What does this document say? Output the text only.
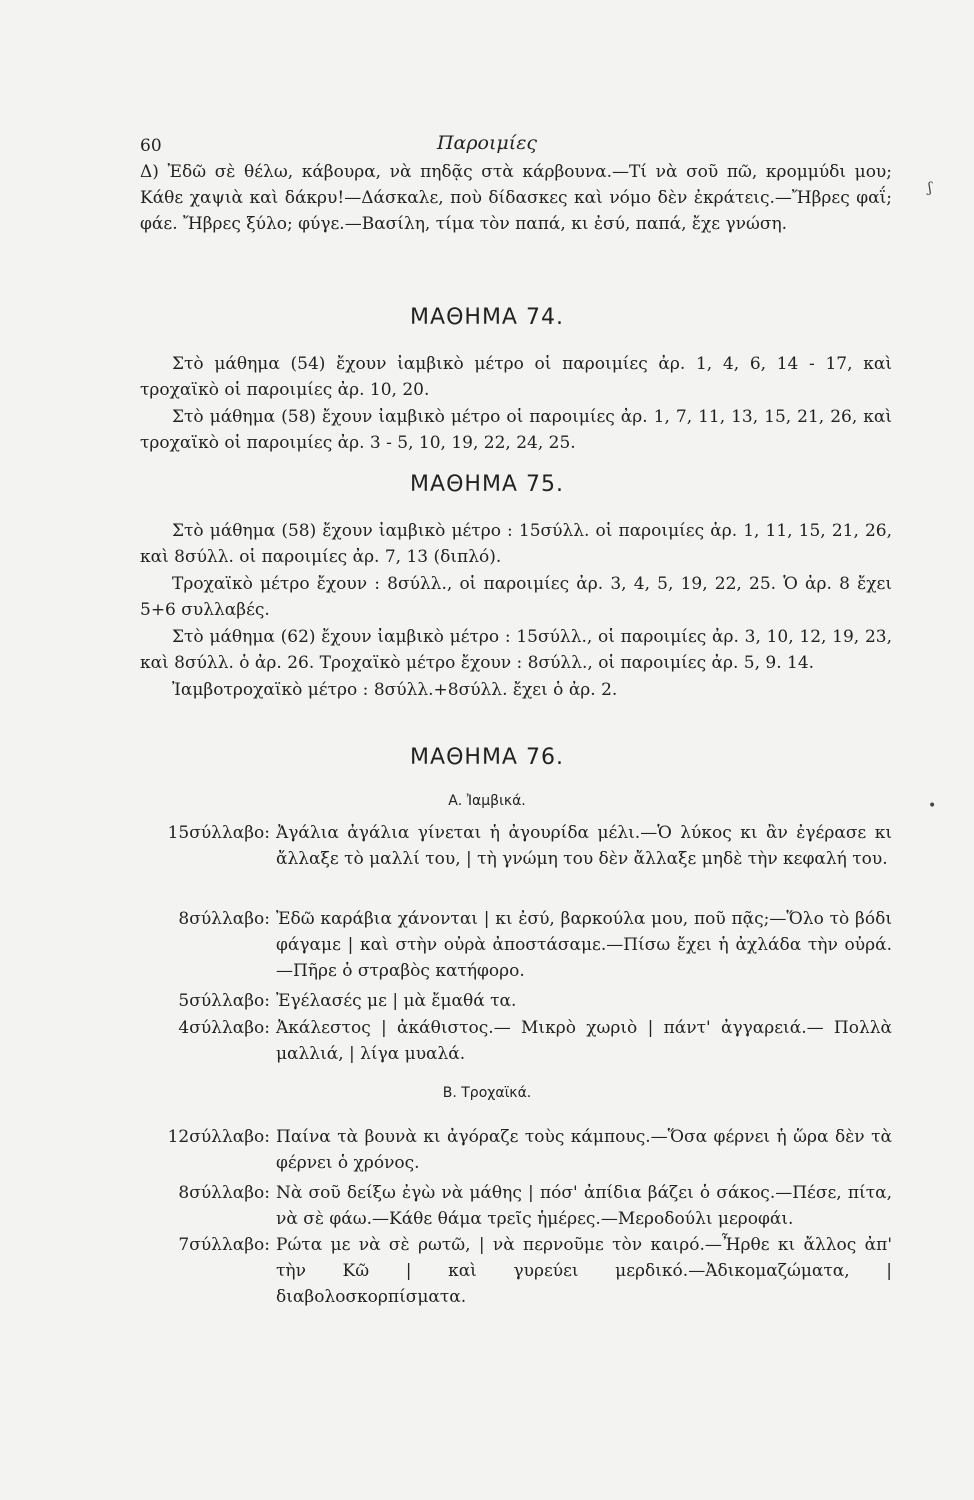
60	Παροιμίες
Δ) Ἐδῶ σὲ θέλω, κάβουρα, νὰ πηδᾷς στὰ κάρβουνα.—Τί νὰ σοῦ πῶ, κρομμύδι μου; Κάθε χαψιὰ καὶ δάκρυ!—Δάσκαλε, ποὺ δίδασκες καὶ νόμο δὲν ἐκράτεις.—Ἤβρες φαΐ; φάε. Ἤβρες ξύλο; φύγε.—Βασίλη, τίμα τὸν παπά, κι ἐσύ, παπά, ἔχε γνώση.
ΜΑΘΗΜΑ 74.
Στὸ μάθημα (54) ἔχουν ἰαμβικὸ μέτρο οἱ παροιμίες ἀρ. 1, 4, 6, 14 - 17, καὶ τροχαϊκὸ οἱ παροιμίες ἀρ. 10, 20.
Στὸ μάθημα (58) ἔχουν ἰαμβικὸ μέτρο οἱ παροιμίες ἀρ. 1, 7, 11, 13, 15, 21, 26, καὶ τροχαϊκὸ οἱ παροιμίες ἀρ. 3 - 5, 10, 19, 22, 24, 25.
ΜΑΘΗΜΑ 75.
Στὸ μάθημα (58) ἔχουν ἰαμβικὸ μέτρο : 15σύλλ. οἱ παροιμίες ἀρ. 1, 11, 15, 21, 26, καὶ 8σύλλ. οἱ παροιμίες ἀρ. 7, 13 (διπλό).
Τροχαϊκὸ μέτρο ἔχουν : 8σύλλ., οἱ παροιμίες ἀρ. 3, 4, 5, 19, 22, 25. Ὁ ἀρ. 8 ἔχει 5+6 συλλαβές.
Στὸ μάθημα (62) ἔχουν ἰαμβικὸ μέτρο : 15σύλλ., οἱ παροιμίες ἀρ. 3, 10, 12, 19, 23, καὶ 8σύλλ. ὁ ἀρ. 26. Τροχαϊκὸ μέτρο ἔχουν : 8σύλλ., οἱ παροιμίες ἀρ. 5, 9. 14.
Ἰαμβοτροχαϊκὸ μέτρο : 8σύλλ.+8σύλλ. ἔχει ὁ ἀρ. 2.
ΜΑΘΗΜΑ 76.
Α. Ἰαμβικά.
15σύλλαβο: Ἀγάλια ἀγάλια γίνεται ἡ ἀγουρίδα μέλι.—Ὁ λύκος κι ἂν ἐγέρασε κι ἄλλαξε τὸ μαλλί του, | τὴ γνώμη του δὲν ἄλλαξε μηδὲ τὴν κεφαλή του.
8σύλλαβο: Ἐδῶ καράβια χάνονται | κι ἐσύ, βαρκούλα μου, ποῦ πᾷς;—Ὅλο τὸ βόδι φάγαμε | καὶ στὴν οὐρὰ ἀποστάσαμε.—Πίσω ἔχει ἡ ἀχλάδα τὴν οὐρά.—Πῆρε ὁ στραβὸς κατήφορο.
5σύλλαβο: Ἐγέλασές με | μὰ ἔμαθά τα.
4σύλλαβο: Ἀκάλεστος | ἀκάθιστος.— Μικρὸ χωριὸ | πάντ' ἀγγαρειά.— Πολλὰ μαλλιά, | λίγα μυαλά.
Β. Τροχαϊκά.
12σύλλαβο: Παίνα τὰ βουνὰ κι ἀγόραζε τοὺς κάμπους.—Ὅσα φέρνει ἡ ὥρα δὲν τὰ φέρνει ὁ χρόνος.
8σύλλαβο: Νὰ σοῦ δείξω ἐγὼ νὰ μάθης | πόσ' ἀπίδια βάζει ὁ σάκος.—Πέσε, πίτα, νὰ σὲ φάω.—Κάθε θάμα τρεῖς ἡμέρες.—Μεροδούλι μεροφάι.
7σύλλαβο: Ρώτα με νὰ σὲ ρωτῶ, | νὰ περνοῦμε τὸν καιρό.—Ἦρθε κι ἄλλος ἀπ' τὴν Κῶ | καὶ γυρεύει μερδικό.—Ἀδικομαζώματα, | διαβολοσκορπίσματα.
ʃ
•
